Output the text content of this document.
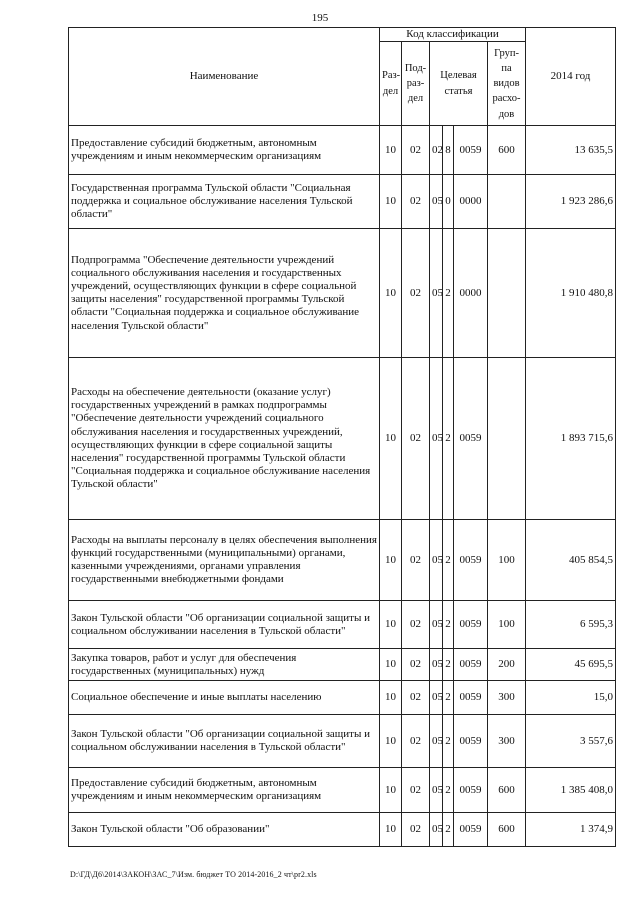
195
Наименование	Код классификации						2014 год
	Раз-дел	Под-раз-дел	Целевая статья			Груп-па видов расхо-дов	
Предоставление субсидий бюджетным, автономным учреждениям и иным некоммерческим организациям	10	02	02	8	0059	600	13 635,5
Государственная программа Тульской области "Социальная поддержка и социальное обслуживание населения Тульской области"	10	02	05	0	0000		1 923 286,6
Подпрограмма "Обеспечение деятельности учреждений социального обслуживания населения и государственных учреждений, осуществляющих функции в сфере социальной защиты населения" государственной программы Тульской области "Социальная поддержка и социальное обслуживание населения Тульской области"	10	02	05	2	0000		1 910 480,8
Расходы на обеспечение деятельности (оказание услуг) государственных учреждений в рамках подпрограммы "Обеспечение деятельности учреждений социального обслуживания населения и государственных учреждений, осуществляющих функции в сфере социальной защиты населения" государственной программы Тульской области "Социальная поддержка и социальное обслуживание населения Тульской области"	10	02	05	2	0059		1 893 715,6
Расходы на выплаты персоналу в целях обеспечения выполнения функций государственными (муниципальными) органами, казенными учреждениями, органами управления государственными внебюджетными фондами	10	02	05	2	0059	100	405 854,5
Закон Тульской области "Об организации социальной защиты и социальном обслуживании населения в Тульской области"	10	02	05	2	0059	100	6 595,3
Закупка товаров, работ и услуг для обеспечения государственных (муниципальных) нужд	10	02	05	2	0059	200	45 695,5
Социальное обеспечение и иные выплаты населению	10	02	05	2	0059	300	15,0
Закон Тульской области "Об организации социальной защиты и социальном обслуживании населения в Тульской области"	10	02	05	2	0059	300	3 557,6
Предоставление субсидий бюджетным, автономным учреждениям и иным некоммерческим организациям	10	02	05	2	0059	600	1 385 408,0
Закон Тульской области "Об образовании"	10	02	05	2	0059	600	1 374,9
D:\ГД\Д6\2014\ЗАКОН\ЗАС_7\Изм. бюджет ТО 2014-2016_2 чт\pr2.xls
